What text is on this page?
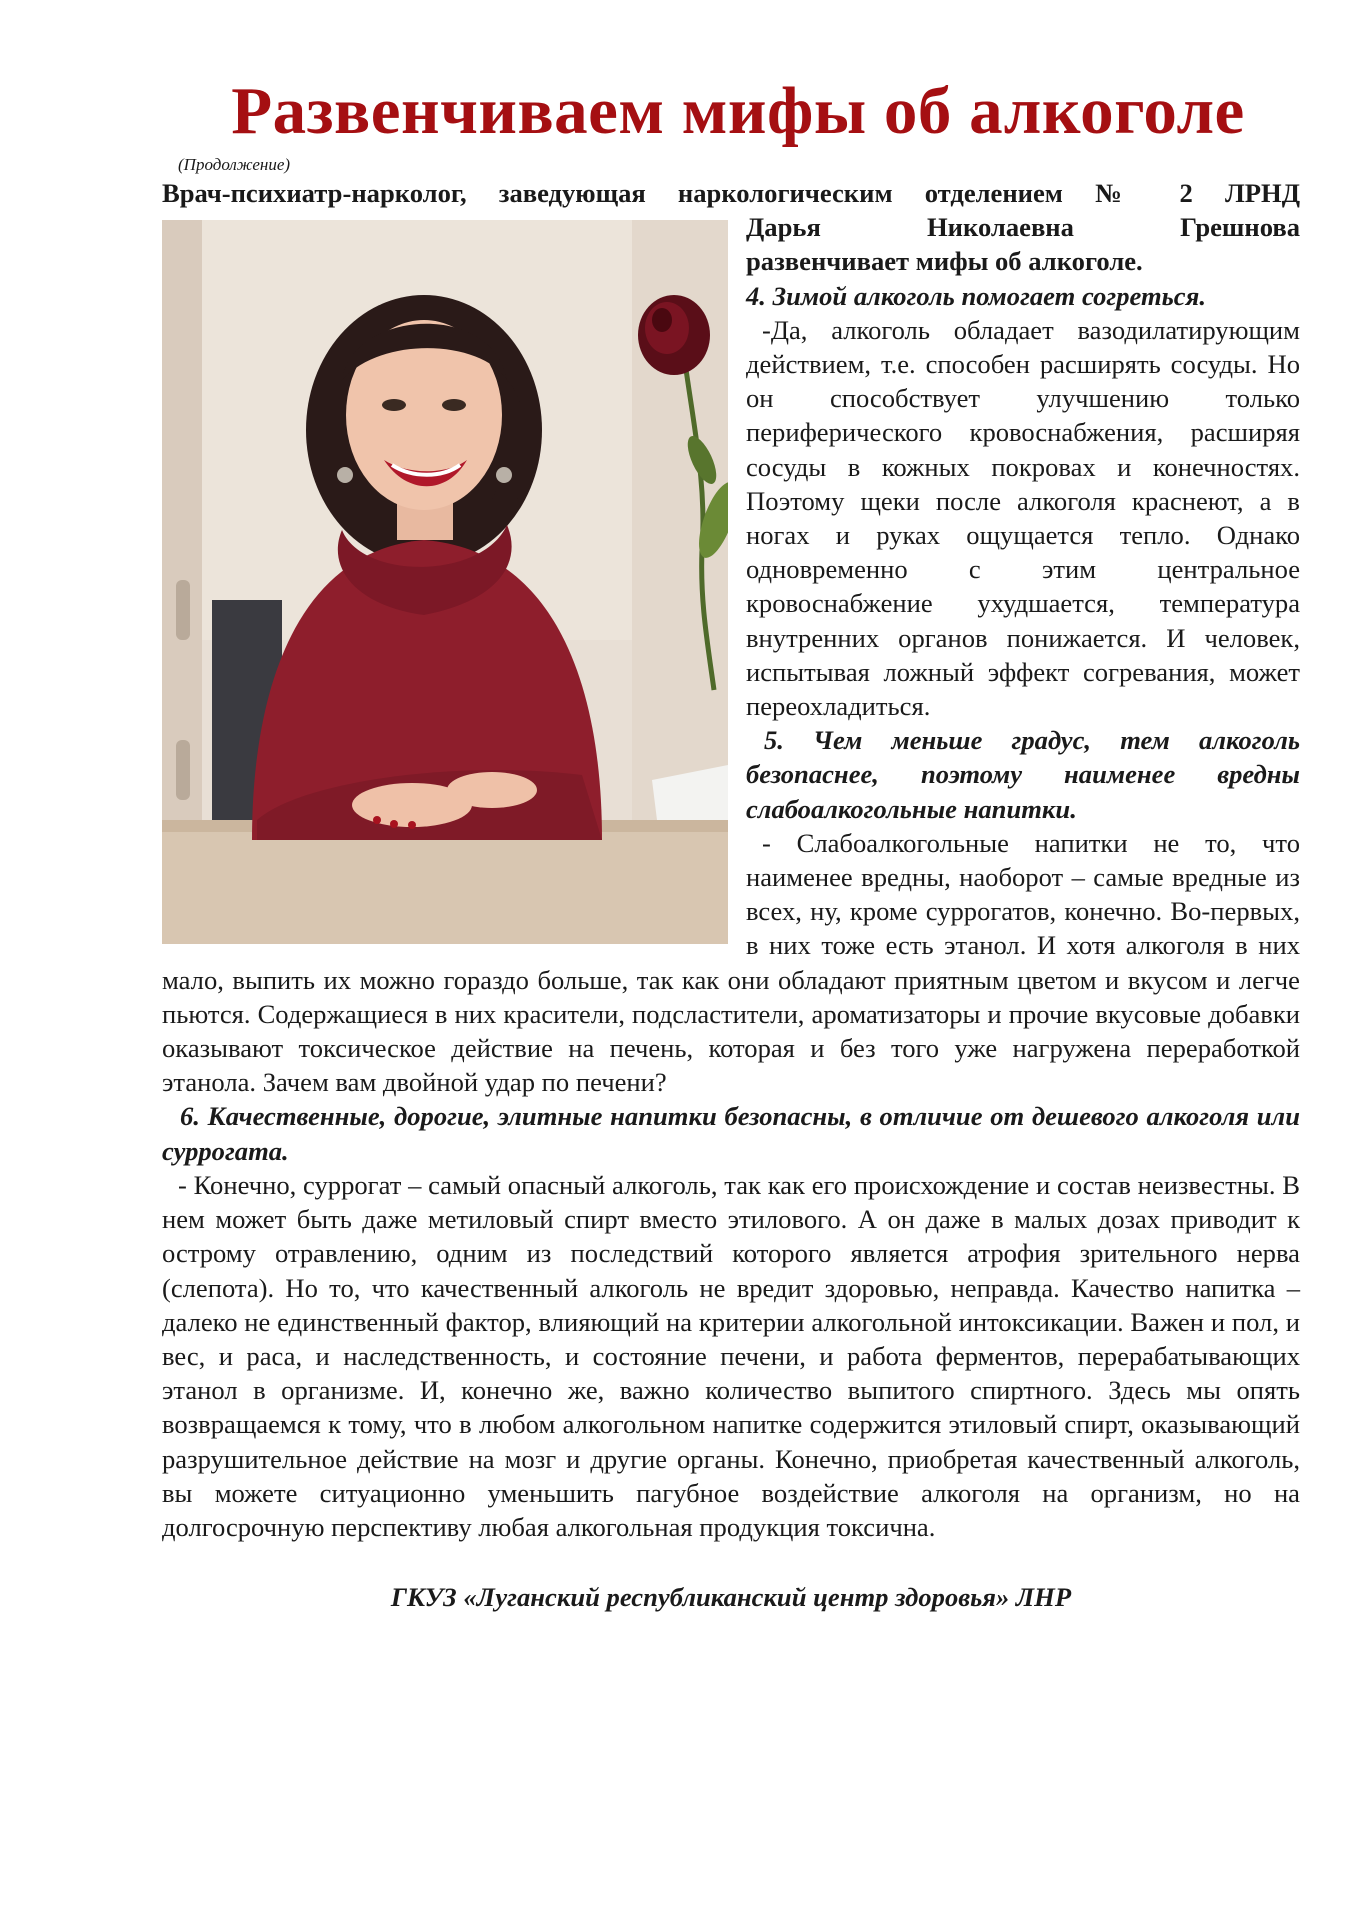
Развенчиваем мифы об алкоголе
(Продолжение)

Врач-психиатр-нарколог, заведующая наркологическим отделением № 2 ЛРНД

Дарья Николаевна Грешнова

развенчивает мифы об алкоголе.

4. Зимой алкоголь помогает согреться.

-Да, алкоголь обладает вазодилатирующим действием, т.е. способен расширять сосуды. Но он способствует улучшению только периферического кровоснабжения, расширяя сосуды в кожных покровах и конечностях. Поэтому щеки после алкоголя краснеют, а в ногах и руках ощущается тепло. Однако одновременно с этим центральное кровоснабжение ухудшается, температура внутренних органов понижается. И человек, испытывая ложный эффект согревания, может переохладиться.

5. Чем меньше градус, тем алкоголь безопаснее, поэтому наименее вредны слабоалкогольные напитки.

- Слабоалкогольные напитки не то, что наименее вредны, наоборот – самые вредные из всех, ну, кроме суррогатов, конечно. Во-первых, в них тоже есть этанол. И хотя алкоголя в них мало, выпить их можно гораздо больше, так как они обладают приятным цветом и вкусом и легче пьются. Содержащиеся в них красители, подсластители, ароматизаторы и прочие вкусовые добавки оказывают токсическое действие на печень, которая и без того уже нагружена переработкой этанола. Зачем вам двойной удар по печени?

6. Качественные, дорогие, элитные напитки безопасны, в отличие от дешевого алкоголя или суррогата.

- Конечно, суррогат – самый опасный алкоголь, так как его происхождение и состав неизвестны. В нем может быть даже метиловый спирт вместо этилового. А он даже в малых дозах приводит к острому отравлению, одним из последствий которого является атрофия зрительного нерва (слепота). Но то, что качественный алкоголь не вредит здоровью, неправда. Качество напитка – далеко не единственный фактор, влияющий на критерии алкогольной интоксикации. Важен и пол, и вес, и раса, и наследственность, и состояние печени, и работа ферментов, перерабатывающих этанол в организме. И, конечно же, важно количество выпитого спиртного. Здесь мы опять возвращаемся к тому, что в любом алкогольном напитке содержится этиловый спирт, оказывающий разрушительное действие на мозг и другие органы. Конечно, приобретая качественный алкоголь, вы можете ситуационно уменьшить пагубное воздействие алкоголя на организм, но на долгосрочную перспективу любая алкогольная продукция токсична.

ГКУЗ «Луганский республиканский центр здоровья» ЛНР
